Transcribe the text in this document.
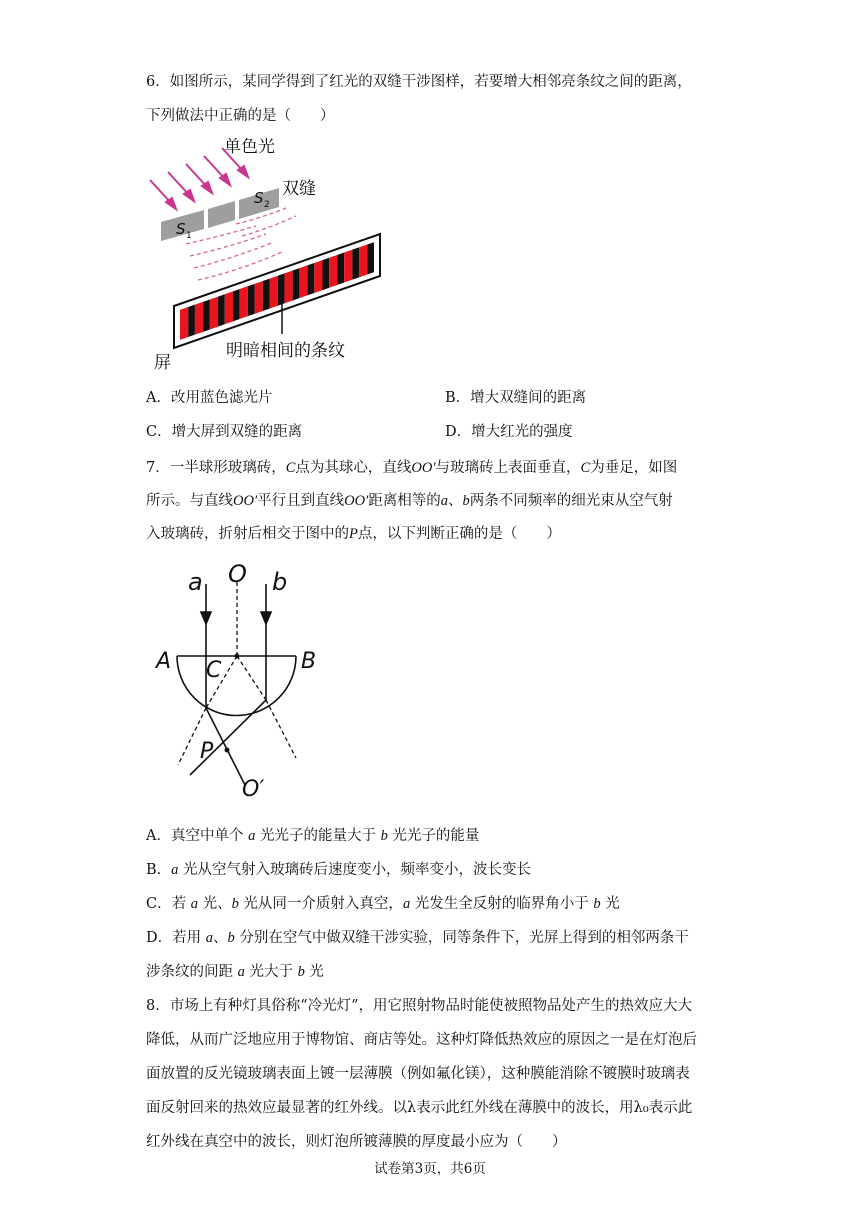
6．如图所示，某同学得到了红光的双缝干涉图样，若要增大相邻亮条纹之间的距离，
下列做法中正确的是（　　）
S 1
S 2
单色光
双缝
屏
明暗相间的条纹
A．改用蓝色滤光片	B．增大双缝间的距离
C．增大屏到双缝的距离	D．增大红光的强度
7．一半球形玻璃砖，C点为其球心，直线OO′与玻璃砖上表面垂直，C为垂足，如图
所示。与直线OO′平行且到直线OO′距离相等的a、b两条不同频率的细光束从空气射
入玻璃砖，折射后相交于图中的P点，以下判断正确的是（　　）
a O b
A	B
C
P
O′
A．真空中单个 a 光光子的能量大于 b 光光子的能量
B．a 光从空气射入玻璃砖后速度变小，频率变小，波长变长
C．若 a 光、b 光从同一介质射入真空，a 光发生全反射的临界角小于 b 光
D．若用 a、b 分别在空气中做双缝干涉实验，同等条件下，光屏上得到的相邻两条干
涉条纹的间距 a 光大于 b 光
8．市场上有种灯具俗称“冷光灯”，用它照射物品时能使被照物品处产生的热效应大大
降低，从而广泛地应用于博物馆、商店等处。这种灯降低热效应的原因之一是在灯泡后
面放置的反光镜玻璃表面上镀一层薄膜（例如氟化镁），这种膜能消除不镀膜时玻璃表
面反射回来的热效应最显著的红外线。以λ表示此红外线在薄膜中的波长，用λ₀表示此
红外线在真空中的波长，则灯泡所镀薄膜的厚度最小应为（　　）
试卷第3页，共6页
